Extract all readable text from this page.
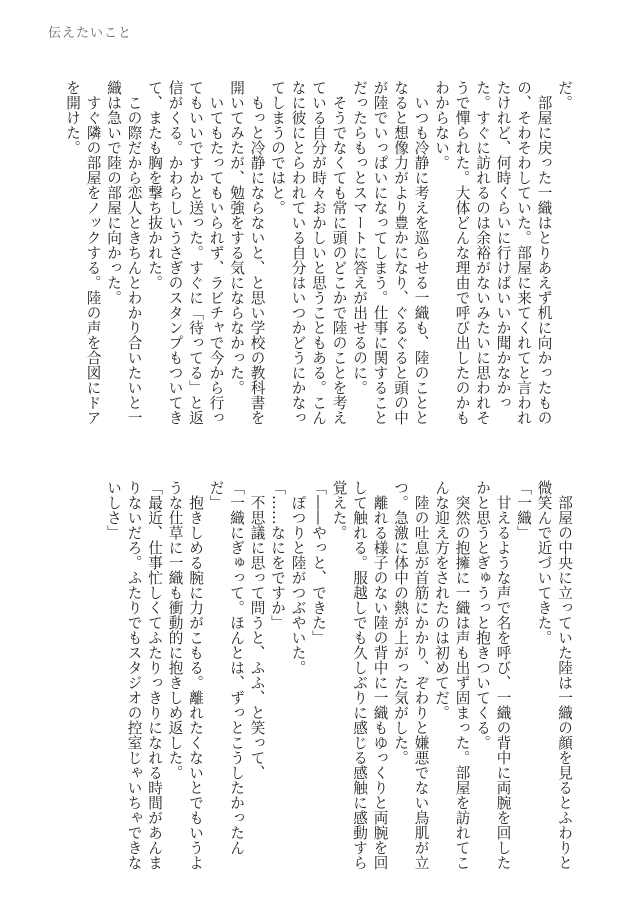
伝えたいこと

だ。

部屋に戻った一織はとりあえず机に向かったものの、そわそわしていた。部屋に来てくれてと言われたけれど、何時くらいに行けばいいか聞かなかった。すぐに訪れるのは余裕がないみたいに思われそうで憚られた。大体どんな理由で呼び出したのかもわからない。

いつも冷静に考えを巡らせる一織も、陸のこととなると想像力がより豊かになり、ぐるぐると頭の中が陸でいっぱいになってしまう。仕事に関することだったらもっとスマートに答えが出せるのに。

そうでなくても常に頭のどこかで陸のことを考えている自分が時々おかしいと思うこともある。こんなに彼にとらわれている自分はいつかどうにかなってしまうのではと。

もっと冷静にならないと、と思い学校の教科書を開いてみたが、勉強をする気にならなかった。

いてもたってもいられず、ラビチャで今から行ってもいいですかと送った。すぐに「待ってる」と返信がくる。かわらしいうさぎのスタンプもついてきて、またも胸を撃ち抜かれた。

この際だから恋人ときちんとわかり合いたいと一織は急いで陸の部屋に向かった。

すぐ隣の部屋をノックする。陸の声を合図にドアを開けた。

部屋の中央に立っていた陸は一織の顔を見るとふわりと微笑んで近づいてきた。

「一織」

甘えるような声で名を呼び、一織の背中に両腕を回したかと思うとぎゅうっと抱きついてくる。

突然の抱擁に一織は声も出ず固まった。部屋を訪れてこんな迎え方をされたのは初めてだ。

陸の吐息が首筋にかかり、ぞわりと嫌悪でない鳥肌が立つ。急激に体中の熱が上がった気がした。

離れる様子のない陸の背中に一織もゆっくりと両腕を回して触れる。服越しでも久しぶりに感じる感触に感動すら覚えた。

「――やっと、できた」

ぽつりと陸がつぶやいた。

「……なにをですか」

不思議に思って問うと、ふふ、と笑って、

「一織にぎゅって。ほんとは、ずっとこうしたかったんだ」

抱きしめる腕に力がこもる。離れたくないとでもいうような仕草に一織も衝動的に抱きしめ返した。

「最近、仕事忙しくてふたりっきりになれる時間があんまりないだろ。ふたりでもスタジオの控室じゃいちゃできないしさ」
